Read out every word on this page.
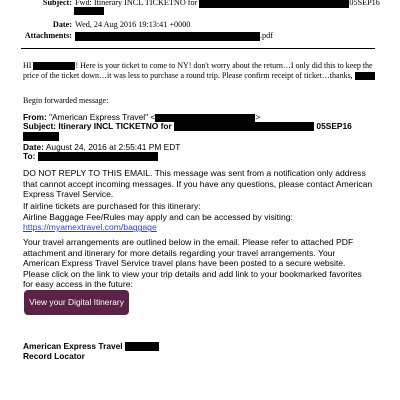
Subject: Fwd: Itinerary INCL TICKETNO for	05SEP16
Date: Wed, 24 Aug 2016 19:13:41 +0000
Attachments:	.pdf
HI	! Here is your ticket to come to NY! don't worry about the return…I only did this to keep the price of the ticket down…it was less to purchase a round trip. Please confirm receipt of ticket…thanks,
Begin forwarded message:
From: "American Express Travel" <	>
Subject: Itinerary INCL TICKETNO for	05SEP16
Date: August 24, 2016 at 2:55:41 PM EDT
To:
DO NOT REPLY TO THIS EMAIL. This message was sent from a notification only address that cannot accept incoming messages. If you have any questions, please contact American Express Travel Service.
If airline tickets are purchased for this itinerary:
Airline Baggage Fee/Rules may apply and can be accessed by visiting:
https://myamextravel.com/baggage
Your travel arrangements are outlined below in the email. Please refer to attached PDF attachment and itinerary for more details regarding your travel arrangements. Your American Express Travel Service travel plans have been posted to a secure website. Please click on the link to view your trip details and add link to your bookmarked favorites for easy access in the future:
View your Digital Itinerary
American Express Travel
Record Locator
